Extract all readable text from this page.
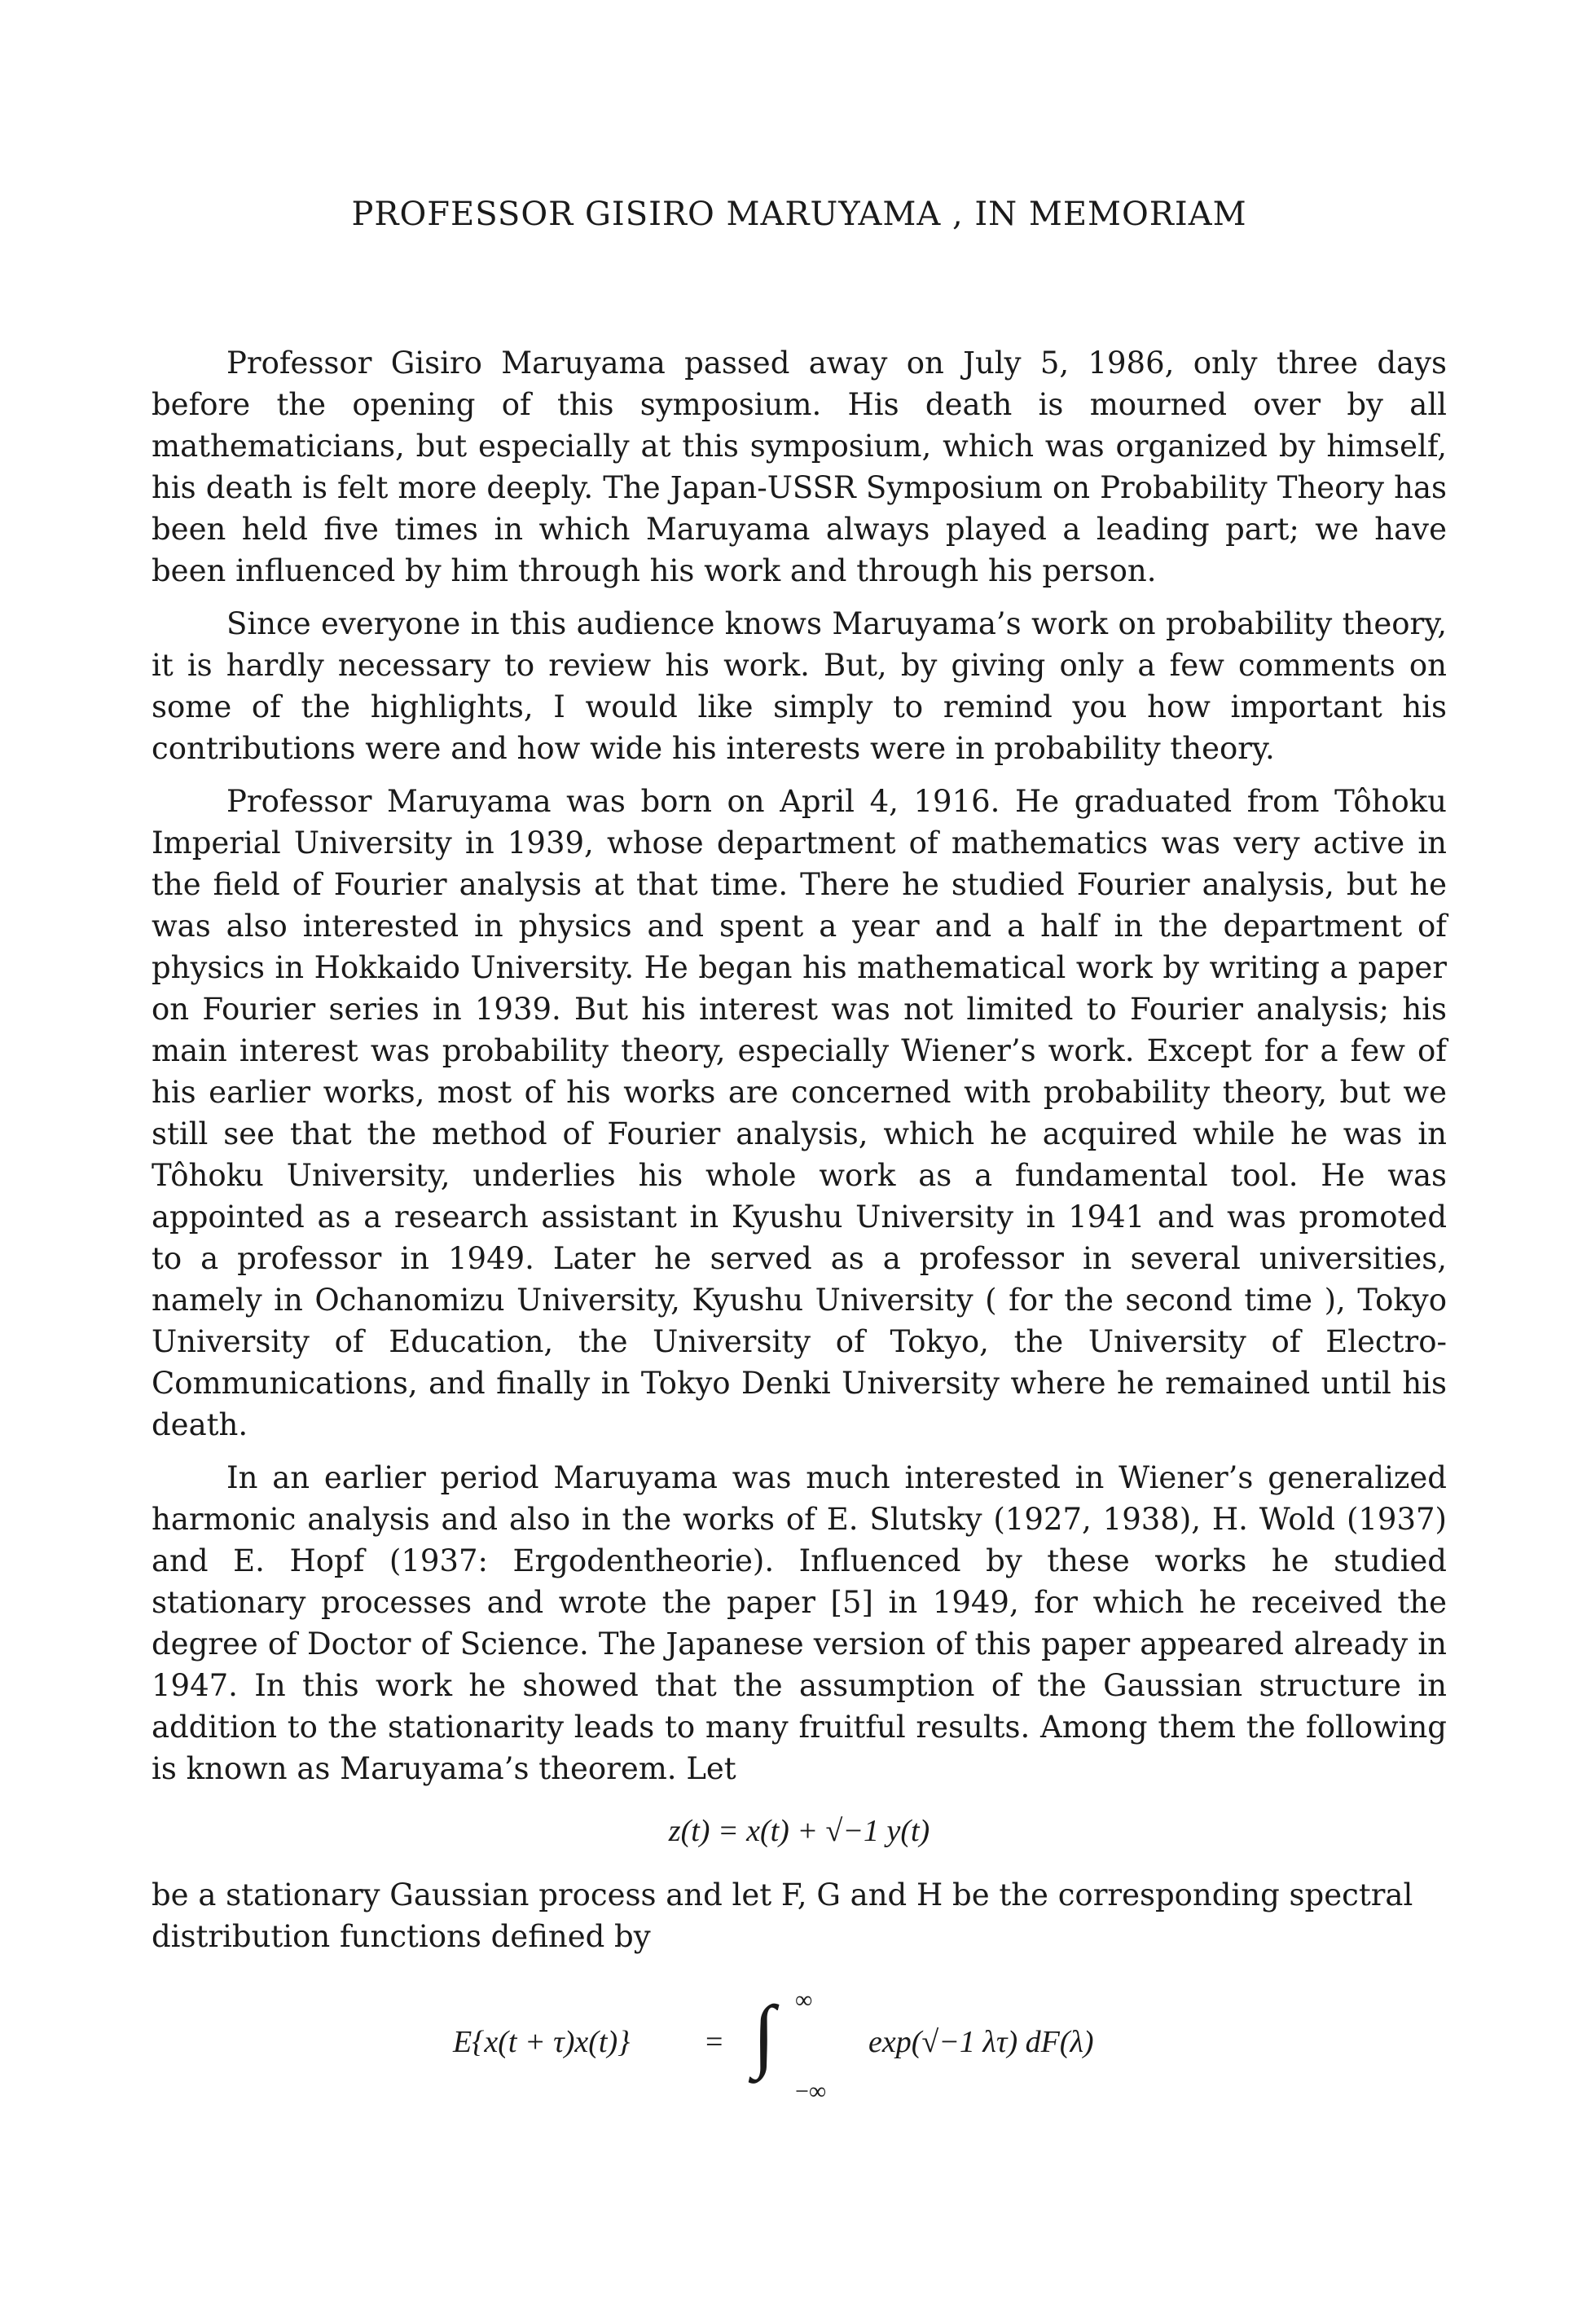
PROFESSOR GISIRO MARUYAMA , IN MEMORIAM

Professor Gisiro Maruyama passed away on July 5, 1986, only three days before the opening of this symposium. His death is mourned over by all mathematicians, but especially at this symposium, which was organized by himself, his death is felt more deeply. The Japan-USSR Symposium on Probability Theory has been held five times in which Maruyama always played a leading part; we have been influenced by him through his work and through his person.

Since everyone in this audience knows Maruyama’s work on probability theory, it is hardly necessary to review his work. But, by giving only a few comments on some of the highlights, I would like simply to remind you how important his contributions were and how wide his interests were in probability theory.

Professor Maruyama was born on April 4, 1916. He graduated from Tôhoku Imperial University in 1939, whose department of mathematics was very active in the field of Fourier analysis at that time. There he studied Fourier analysis, but he was also interested in physics and spent a year and a half in the department of physics in Hokkaido University. He began his mathematical work by writing a paper on Fourier series in 1939. But his interest was not limited to Fourier analysis; his main interest was probability theory, especially Wiener’s work. Except for a few of his earlier works, most of his works are concerned with probability theory, but we still see that the method of Fourier analysis, which he acquired while he was in Tôhoku University, underlies his whole work as a fundamental tool. He was appointed as a research assistant in Kyushu University in 1941 and was promoted to a professor in 1949. Later he served as a professor in several universities, namely in Ochanomizu University, Kyushu University ( for the second time ), Tokyo University of Education, the University of Tokyo, the University of Electro-Communications, and finally in Tokyo Denki University where he remained until his death.

In an earlier period Maruyama was much interested in Wiener’s generalized harmonic analysis and also in the works of E. Slutsky (1927, 1938), H. Wold (1937) and E. Hopf (1937: Ergodentheorie). Influenced by these works he studied stationary processes and wrote the paper [5] in 1949, for which he received the degree of Doctor of Science. The Japanese version of this paper appeared already in 1947. In this work he showed that the assumption of the Gaussian structure in addition to the stationarity leads to many fruitful results. Among them the following is known as Maruyama’s theorem. Let

z(t) = x(t) + √−1 y(t)
be a stationary Gaussian process and let F, G and H be the corresponding spectral distribution functions defined by
E{x(t + τ)x(t)} = ∫ ∞
−∞
exp(√−1 λτ) dF(λ)
